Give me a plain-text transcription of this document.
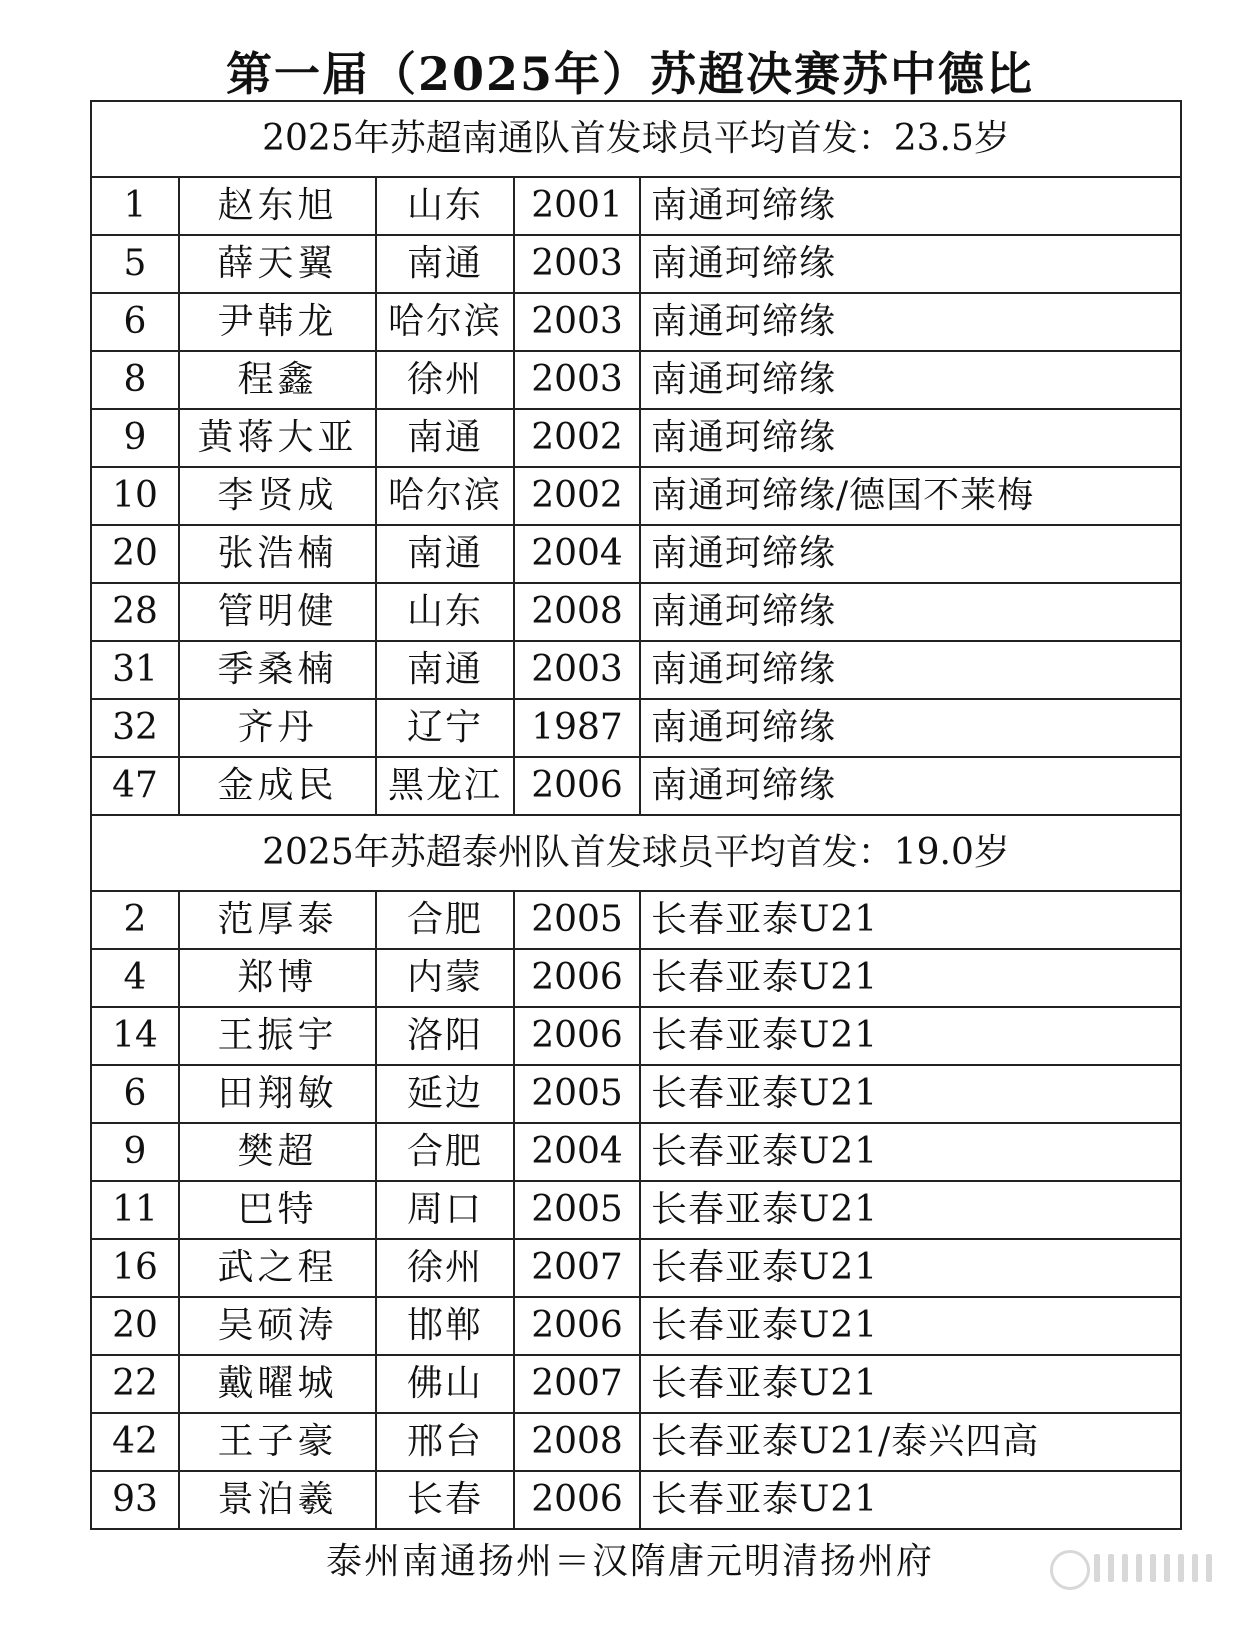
第一届（2025年）苏超决赛苏中德比
2025年苏超南通队首发球员平均首发：23.5岁				
1	赵东旭	山东	2001	南通珂缔缘
5	薛天翼	南通	2003	南通珂缔缘
6	尹韩龙	哈尔滨	2003	南通珂缔缘
8	程鑫	徐州	2003	南通珂缔缘
9	黄蒋大亚	南通	2002	南通珂缔缘
10	李贤成	哈尔滨	2002	南通珂缔缘/德国不莱梅
20	张浩楠	南通	2004	南通珂缔缘
28	管明健	山东	2008	南通珂缔缘
31	季桑楠	南通	2003	南通珂缔缘
32	齐丹	辽宁	1987	南通珂缔缘
47	金成民	黑龙江	2006	南通珂缔缘
2025年苏超泰州队首发球员平均首发：19.0岁				
2	范厚泰	合肥	2005	长春亚泰U21
4	郑博	内蒙	2006	长春亚泰U21
14	王振宇	洛阳	2006	长春亚泰U21
6	田翔敏	延边	2005	长春亚泰U21
9	樊超	合肥	2004	长春亚泰U21
11	巴特	周口	2005	长春亚泰U21
16	武之程	徐州	2007	长春亚泰U21
20	吴硕涛	邯郸	2006	长春亚泰U21
22	戴曜城	佛山	2007	长春亚泰U21
42	王子豪	邢台	2008	长春亚泰U21/泰兴四高
93	景泊羲	长春	2006	长春亚泰U21
泰州南通扬州＝汉隋唐元明清扬州府
